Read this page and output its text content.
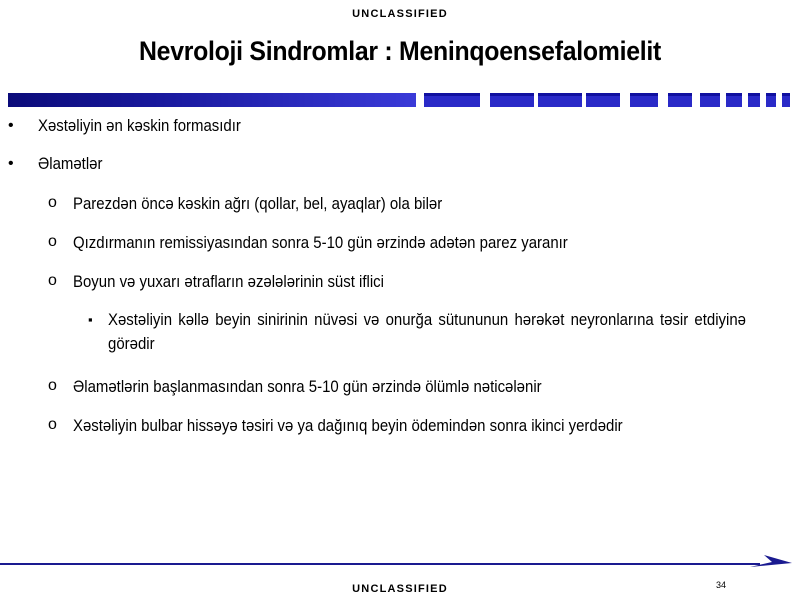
UNCLASSIFIED
Nevroloji Sindromlar : Meninqoensefalomielit
• Xǝstǝliyin ǝn kǝskin formasıdır
• Əlamǝtlǝr
o Parezdǝn öncǝ kǝskin ağrı (qollar, bel, ayaqlar) ola bilǝr
o Qızdırmanın remissiyasından sonra 5-10 gün ǝrzindǝ adǝtǝn parez yaranır
o Boyun vǝ yuxarı ǝtrafların ǝzǝlǝlǝrinin süst iflici
▪ Xǝstǝliyin kǝllǝ beyin sinirinin nüvǝsi vǝ onurğa sütununun hǝrǝkǝt neyronlarına tǝsir etdiyinǝ görǝdir
o Əlamǝtlǝrin başlanmasından sonra 5-10 gün ǝrzindǝ ölümlǝ nǝticǝlǝnir
o Xǝstǝliyin bulbar hissǝyǝ tǝsiri vǝ ya dağınıq beyin ödemindǝn sonra ikinci yerdǝdir
UNCLASSIFIED	34
